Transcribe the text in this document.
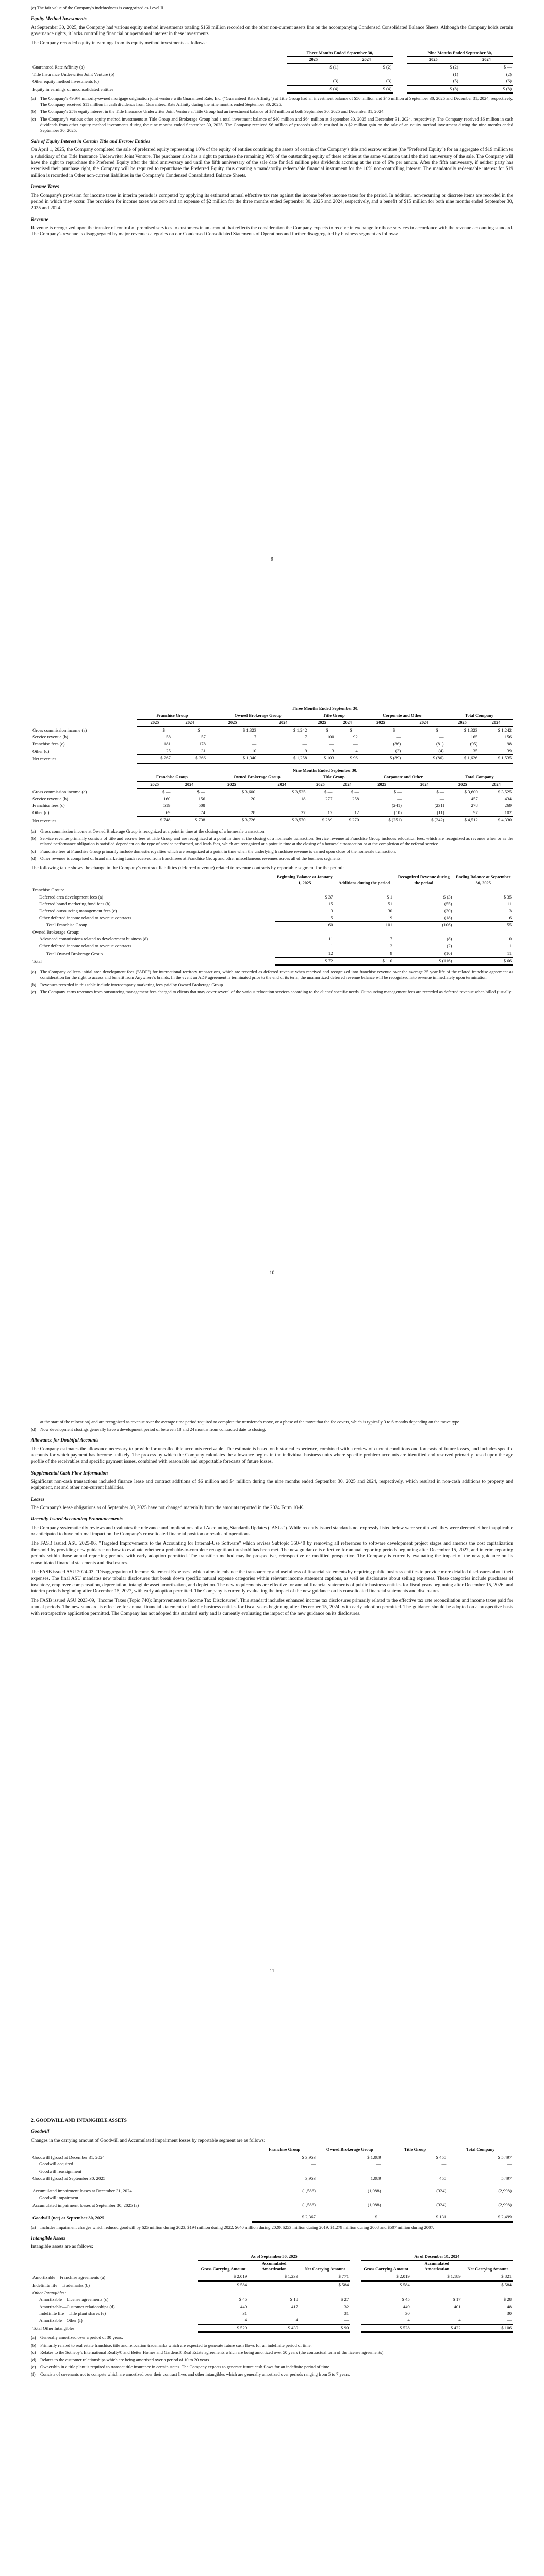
(c) The fair value of the Company's indebtedness is categorized as Level II.

Equity Method Investments

At September 30, 2025, the Company had various equity method investments totaling $169 million recorded on the other non-current assets line on the accompanying Condensed Consolidated Balance Sheets. Although the Company holds certain governance rights, it lacks controlling financial or operational interest in these investments.

The Company recorded equity in earnings from its equity method investments as follows:

	Three Months Ended September 30,			Nine Months Ended September 30,	
	2025	2024		2025	2024
Guaranteed Rate Affinity (a)	$ (1)	$ (2)		$ (2)	$ —
Title Insurance Underwriter Joint Venture (b)	—	—		(1)	(2)
Other equity method investments (c)	(3)	(3)		(5)	(6)
Equity in earnings of unconsolidated entities	$ (4)	$ (4)		$ (8)	$ (8)
(a) The Company's 49.9% minority-owned mortgage origination joint venture with Guaranteed Rate, Inc. ("Guaranteed Rate Affinity") at Title Group had an investment balance of $56 million and $45 million at September 30, 2025 and December 31, 2024, respectively. The Company received $11 million in cash dividends from Guaranteed Rate Affinity during the nine months ended September 30, 2025.
(b) The Company's 25% equity interest in the Title Insurance Underwriter Joint Venture at Title Group had an investment balance of $73 million at both September 30, 2025 and December 31, 2024.
(c) The Company's various other equity method investments at Title Group and Brokerage Group had a total investment balance of $40 million and $64 million at September 30, 2025 and December 31, 2024, respectively. The Company received $6 million in cash dividends from other equity method investments during the nine months ended September 30, 2025. The Company received $6 million of proceeds which resulted in a $2 million gain on the sale of an equity method investment during the nine months ended September 30, 2025.
Sale of Equity Interest in Certain Title and Escrow Entities

On April 1, 2025, the Company completed the sale of preferred equity representing 10% of the equity of entities containing the assets of certain of the Company's title and escrow entities (the "Preferred Equity") for an aggregate of $19 million to a subsidiary of the Title Insurance Underwriter Joint Venture. The purchaser also has a right to purchase the remaining 90% of the outstanding equity of these entities at the same valuation until the third anniversary of the sale. The Company will have the right to repurchase the Preferred Equity after the third anniversary and until the fifth anniversary of the sale date for $19 million plus dividends accruing at the rate of 6% per annum. After the fifth anniversary, if neither party has exercised their purchase right, the Company will be required to repurchase the Preferred Equity, thus creating a mandatorily redeemable financial instrument for the 10% non-controlling interest. The mandatorily redeemable interest for $19 million is recorded in Other non-current liabilities in the Company's Condensed Consolidated Balance Sheets.

Income Taxes

The Company's provision for income taxes in interim periods is computed by applying its estimated annual effective tax rate against the income before income taxes for the period. In addition, non-recurring or discrete items are recorded in the period in which they occur. The provision for income taxes was zero and an expense of $2 million for the three months ended September 30, 2025 and 2024, respectively, and a benefit of $15 million for both nine months ended September 30, 2025 and 2024.

Revenue

Revenue is recognized upon the transfer of control of promised services to customers in an amount that reflects the consideration the Company expects to receive in exchange for those services in accordance with the revenue accounting standard. The Company's revenue is disaggregated by major revenue categories on our Condensed Consolidated Statements of Operations and further disaggregated by business segment as follows:

9
	Three Months Ended September 30,									
	Franchise Group		Owned Brokerage Group		Title Group		Corporate and Other		Total Company	
	2025	2024	2025	2024	2025	2024	2025	2024	2025	2024
Gross commission income (a)	$ —	$ —	$ 1,323	$ 1,242	$ —	$ —	$ —	$ —	$ 1,323	$ 1,242
Service revenue (b)	58	57	7	7	100	92	—	—	165	156
Franchise fees (c)	181	178	—	—	—	—	(86)	(81)	(95)	98
Other (d)	25	31	10	9	3	4	(3)	(4)	35	39
Net revenues	$ 267	$ 266	$ 1,340	$ 1,258	$ 103	$ 96	$ (89)	$ (86)	$ 1,626	$ 1,535
	Nine Months Ended September 30,									
	Franchise Group		Owned Brokerage Group		Title Group		Corporate and Other		Total Company	
	2025	2024	2025	2024	2025	2024	2025	2024	2025	2024
Gross commission income (a)	$ —	$ —	$ 3,600	$ 3,525	$ —	$ —	$ —	$ —	$ 3,600	$ 3,525
Service revenue (b)	160	156	20	18	277	258	—	—	457	434
Franchise fees (c)	519	508	—	—	—	—	(241)	(231)	278	269
Other (d)	69	74	28	27	12	12	(10)	(11)	97	102
Net revenues	$ 748	$ 738	$ 3,726	$ 3,570	$ 289	$ 270	$ (251)	$ (242)	$ 4,512	$ 4,330
(a) Gross commission income at Owned Brokerage Group is recognized at a point in time at the closing of a homesale transaction.
(b) Service revenue primarily consists of title and escrow fees at Title Group and are recognized at a point in time at the closing of a homesale transaction. Service revenue at Franchise Group includes relocation fees, which are recognized as revenue when or as the related performance obligation is satisfied dependent on the type of service performed, and leads fees, which are recognized at a point in time at the closing of a homesale transaction or at the completion of the referral service.
(c) Franchise fees at Franchise Group primarily include domestic royalties which are recognized at a point in time when the underlying franchisee revenue is earned upon close of the homesale transaction.
(d) Other revenue is comprised of brand marketing funds received from franchisees at Franchise Group and other miscellaneous revenues across all of the business segments.

The following table shows the change in the Company's contract liabilities (deferred revenue) related to revenue contracts by reportable segment for the period:

	Beginning Balance at January 1, 2025	Additions during the period	Recognized Revenue during the period	Ending Balance at September 30, 2025
Franchise Group:				
Deferred area development fees (a)	$ 37	$ 1	$ (3)	$ 35
Deferred brand marketing fund fees (b)	15	51	(55)	11
Deferred outsourcing management fees (c)	3	30	(30)	3
Other deferred income related to revenue contracts	5	19	(18)	6
Total Franchise Group	60	101	(106)	55
Owned Brokerage Group:				
Advanced commissions related to development business (d)	11	7	(8)	10
Other deferred income related to revenue contracts	1	2	(2)	1
Total Owned Brokerage Group	12	9	(10)	11
Total	$ 72	$ 110	$ (116)	$ 66
(a) The Company collects initial area development fees ("ADF") for international territory transactions, which are recorded as deferred revenue when received and recognized into franchise revenue over the average 25 year life of the related franchise agreement as consideration for the right to access and benefit from Anywhere's brands. In the event an ADF agreement is terminated prior to the end of its term, the unamortized deferred revenue balance will be recognized into revenue immediately upon termination.
(b) Revenues recorded in this table include intercompany marketing fees paid by Owned Brokerage Group.
(c) The Company earns revenues from outsourcing management fees charged to clients that may cover several of the various relocation services according to the clients' specific needs. Outsourcing management fees are recorded as deferred revenue when billed (usually
10

at the start of the relocation) and are recognized as revenue over the average time period required to complete the transferee's move, or a phase of the move that the fee covers, which is typically 3 to 6 months depending on the move type.

(d) Now development closings generally have a development period of between 18 and 24 months from contracted date to closing.
Allowance for Doubtful Accounts

The Company estimates the allowance necessary to provide for uncollectible accounts receivable. The estimate is based on historical experience, combined with a review of current conditions and forecasts of future losses, and includes specific accounts for which payment has become unlikely. The process by which the Company calculates the allowance begins in the individual business units where specific problem accounts are identified and reserved primarily based upon the age profile of the receivables and specific payment issues, combined with reasonable and supportable forecasts of future losses.

Supplemental Cash Flow Information

Significant non-cash transactions included finance lease and contract additions of $6 million and $4 million during the nine months ended September 30, 2025 and 2024, respectively, which resulted in non-cash additions to property and equipment, net and other non-current liabilities.

Leases

The Company's lease obligations as of September 30, 2025 have not changed materially from the amounts reported in the 2024 Form 10-K.

Recently Issued Accounting Pronouncements

The Company systematically reviews and evaluates the relevance and implications of all Accounting Standards Updates ("ASUs"). While recently issued standards not expressly listed below were scrutinized, they were deemed either inapplicable or anticipated to have minimal impact on the Company's consolidated financial position or results of operations.

The FASB issued ASU 2025-06, "Targeted Improvements to the Accounting for Internal-Use Software" which revises Subtopic 350-40 by removing all references to software development project stages and amends the cost capitalization threshold by providing new guidance on how to evaluate whether a probable-to-complete recognition threshold has been met. The new guidance is effective for annual reporting periods beginning after December 15, 2027, and interim reporting periods within those annual reporting periods, with early adoption permitted. The transition method may be prospective, retrospective or modified prospective. The Company is currently evaluating the impact of the new guidance on its consolidated financial statements and disclosures.

The FASB issued ASU 2024-03, "Disaggregation of Income Statement Expenses" which aims to enhance the transparency and usefulness of financial statements by requiring public business entities to provide more detailed disclosures about their expenses. The final ASU mandates new tabular disclosures that break down specific natural expense categories within relevant income statement captions, as well as disclosures about selling expenses. These categories include purchases of inventory, employee compensation, depreciation, intangible asset amortization, and depletion. The new requirements are effective for annual financial statements of public business entities for fiscal years beginning after December 15, 2026, and interim periods beginning after December 15, 2027, with early adoption permitted. The Company is currently evaluating the impact of the new guidance on its consolidated financial statements and disclosures.

The FASB issued ASU 2023-09, "Income Taxes (Topic 740): Improvements to Income Tax Disclosures". This standard includes enhanced income tax disclosures primarily related to the effective tax rate reconciliation and income taxes paid for annual periods. The new standard is effective for annual financial statements of public business entities for fiscal years beginning after December 15, 2024, with early adoption permitted. The guidance should be adopted on a prospective basis with retrospective application permitted. The Company has not adopted this standard early and is currently evaluating the impact of the new guidance on its disclosures.

11
2. GOODWILL AND INTANGIBLE ASSETS
Goodwill

Changes in the carrying amount of Goodwill and Accumulated impairment losses by reportable segment are as follows:

	Franchise Group	Owned Brokerage Group	Title Group	Total Company
Goodwill (gross) at December 31, 2024	$ 3,953	$ 1,089	$ 455	$ 5,497
Goodwill acquired	—	—	—	—
Goodwill reassignment	—	—	—	—
Goodwill (gross) at September 30, 2025	3,953	1,089	455	5,497

Accumulated impairment losses at December 31, 2024	(1,586)	(1,088)	(324)	(2,998)
Goodwill impairment	—	—	—	—
Accumulated impairment losses at September 30, 2025 (a)	(1,586)	(1,088)	(324)	(2,998)

Goodwill (net) at September 30, 2025	$ 2,367	$ 1	$ 131	$ 2,499
(a) Includes impairment charges which reduced goodwill by $25 million during 2023, $194 million during 2022, $640 million during 2020, $253 million during 2019, $1,279 million during 2008 and $507 million during 2007.
Intangible Assets

Intangible assets are as follows:

	As of September 30, 2025				As of December 31, 2024		
	Gross Carrying Amount	Accumulated Amortization	Net Carrying Amount		Gross Carrying Amount	Accumulated Amortization	Net Carrying Amount
Amortizable—Franchise agreements (a)	$ 2,019	$ 1,239	$ 771		$ 2,019	$ 1,189	$ 821
Indefinite life—Trademarks (b)	$ 584		$ 584		$ 584		$ 584
Other Intangibles:							
Amortizable—License agreements (c)	$ 45	$ 18	$ 27		$ 45	$ 17	$ 28
Amortizable—Customer relationships (d)	449	417	32		449	401	48
Indefinite life—Title plant shares (e)	31		31		30		30
Amortizable—Other (f)	4	4	—		4	4	—
Total Other Intangibles	$ 529	$ 439	$ 90		$ 528	$ 422	$ 106
(a) Generally amortized over a period of 30 years.
(b) Primarily related to real estate franchise, title and relocation trademarks which are expected to generate future cash flows for an indefinite period of time.
(c) Relates to the Sotheby's International Realty® and Better Homes and Gardens® Real Estate agreements which are being amortized over 50 years (the contractual term of the license agreements).
(d) Relates to the customer relationships which are being amortized over a period of 10 to 20 years.
(e) Ownership in a title plant is required to transact title insurance in certain states. The Company expects to generate future cash flows for an indefinite period of time.
(f)	Consists of covenants not to compete which are amortized over their contract lives and other intangibles which are generally amortized over periods ranging from 5 to 7 years.
